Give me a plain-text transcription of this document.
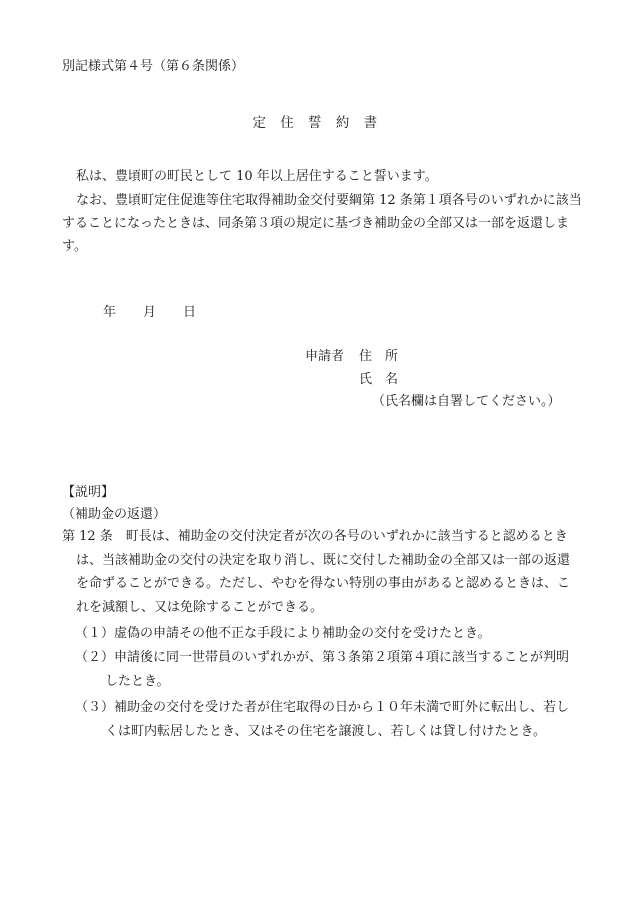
別記様式第４号（第６条関係）
定　住　誓　約　書
私は、豊頃町の町民として 10 年以上居住すること誓います。
なお、豊頃町定住促進等住宅取得補助金交付要綱第 12 条第１項各号のいずれかに該当することになったときは、同条第３項の規定に基づき補助金の全部又は一部を返還します。
年 月 日
申請者 住　所
氏　名
（氏名欄は自署してください。）
【説明】
（補助金の返還）
第 12 条　町長は、補助金の交付決定者が次の各号のいずれかに該当すると認めるとき
は、当該補助金の交付の決定を取り消し、既に交付した補助金の全部又は一部の返還
を命ずることができる。ただし、やむを得ない特別の事由があると認めるときは、こ
れを減額し、又は免除することができる。
（１）虚偽の申請その他不正な手段により補助金の交付を受けたとき。
（２）申請後に同一世帯員のいずれかが、第３条第２項第４項に該当することが判明
したとき。
（３）補助金の交付を受けた者が住宅取得の日から１０年未満で町外に転出し、若し
くは町内転居したとき、又はその住宅を譲渡し、若しくは貸し付けたとき。
